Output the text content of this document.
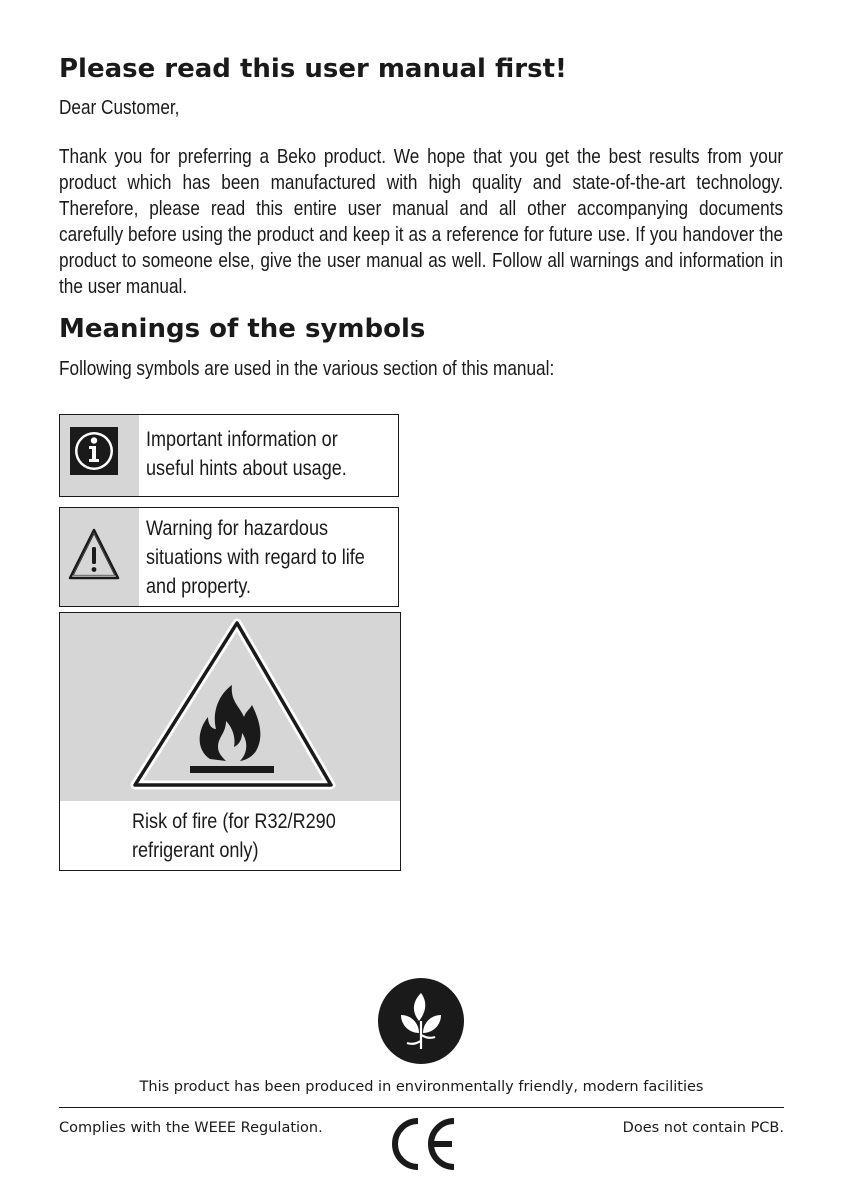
Please read this user manual first!
Dear Customer,
Thank you for preferring a Beko product. We hope that you get the best results from your product which has been manufactured with high quality and state-of-the-art technology. Therefore, please read this entire user manual and all other accompanying documents carefully before using the product and keep it as a reference for future use. If you handover the product to someone else, give the user manual as well. Follow all warnings and information in the user manual.
Meanings of the symbols
Following symbols are used in the various section of this manual:
Important information or
useful hints about usage.
Warning for hazardous
situations with regard to life
and property.
Risk of fire (for R32/R290
refrigerant only)
This product has been produced in environmentally friendly, modern facilities
Complies with the WEEE Regulation.	Does not contain PCB.
